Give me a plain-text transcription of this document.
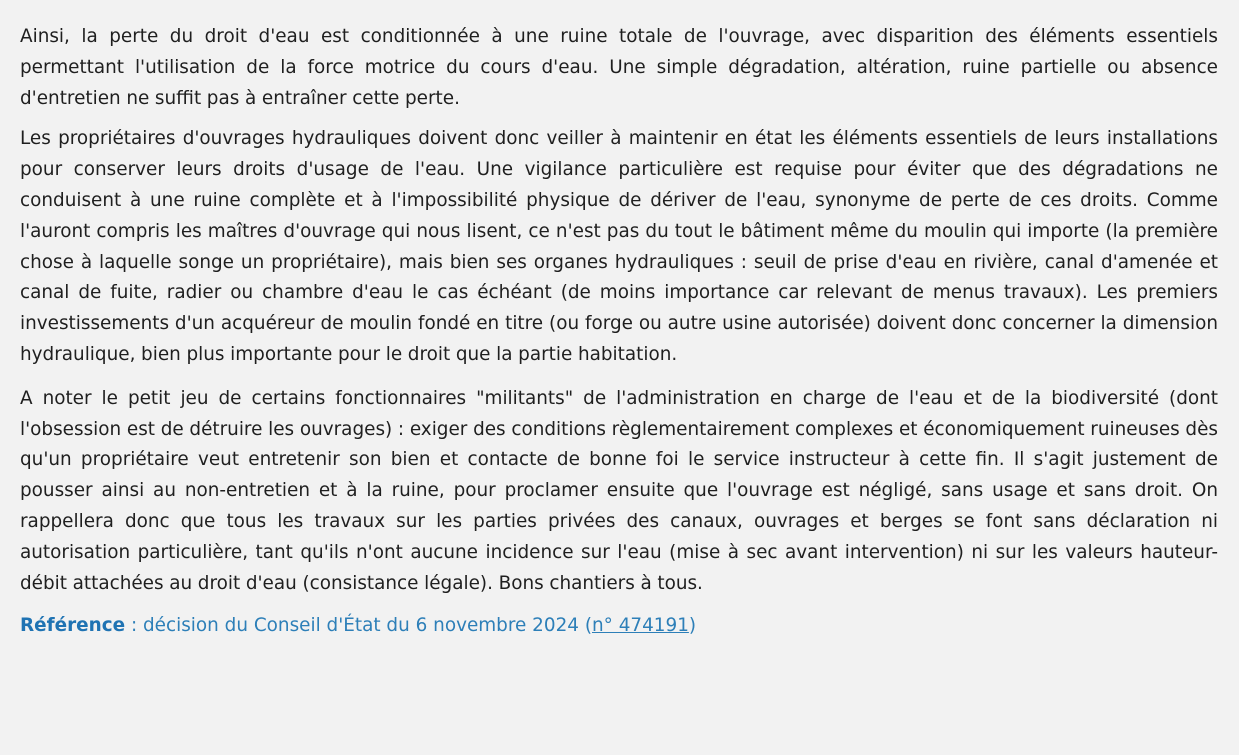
Ainsi, la perte du droit d'eau est conditionnée à une ruine totale de l'ouvrage, avec disparition des éléments essentiels permettant l'utilisation de la force motrice du cours d'eau. Une simple dégradation, altération, ruine partielle ou absence d'entretien ne suffit pas à entraîner cette perte.

Les propriétaires d'ouvrages hydrauliques doivent donc veiller à maintenir en état les éléments essentiels de leurs installations pour conserver leurs droits d'usage de l'eau. Une vigilance particulière est requise pour éviter que des dégradations ne conduisent à une ruine complète et à l'impossibilité physique de dériver de l'eau, synonyme de perte de ces droits. Comme l'auront compris les maîtres d'ouvrage qui nous lisent, ce n'est pas du tout le bâtiment même du moulin qui importe (la première chose à laquelle songe un propriétaire), mais bien ses organes hydrauliques : seuil de prise d'eau en rivière, canal d'amenée et canal de fuite, radier ou chambre d'eau le cas échéant (de moins importance car relevant de menus travaux). Les premiers investissements d'un acquéreur de moulin fondé en titre (ou forge ou autre usine autorisée) doivent donc concerner la dimension hydraulique, bien plus importante pour le droit que la partie habitation.

A noter le petit jeu de certains fonctionnaires "militants" de l'administration en charge de l'eau et de la biodiversité (dont l'obsession est de détruire les ouvrages) : exiger des conditions règlementairement complexes et économiquement ruineuses dès qu'un propriétaire veut entretenir son bien et contacte de bonne foi le service instructeur à cette fin. Il s'agit justement de pousser ainsi au non-entretien et à la ruine, pour proclamer ensuite que l'ouvrage est négligé, sans usage et sans droit. On rappellera donc que tous les travaux sur les parties privées des canaux, ouvrages et berges se font sans déclaration ni autorisation particulière, tant qu'ils n'ont aucune incidence sur l'eau (mise à sec avant intervention) ni sur les valeurs hauteur-débit attachées au droit d'eau (consistance légale). Bons chantiers à tous.

Référence : décision du Conseil d'État du 6 novembre 2024 (n° 474191)
